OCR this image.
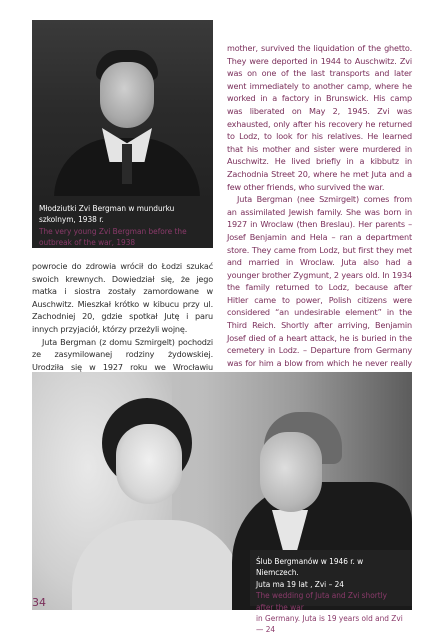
Młodziutki Zvi Bergman w mundurku
szkolnym, 1938 r.
The very young Zvi Bergman before the
outbreak of the war, 1938

powrocie do zdrowia wrócił do Łodzi szukać swoich krewnych. Dowiedział się, że jego matka i siostra zostały zamordowane w Auschwitz. Mieszkał krótko w kibucu przy ul. Zachodniej 20, gdzie spotkał Jutę i paru innych przyjaciół, którzy przeżyli wojnę.

Juta Bergman (z domu Szmirgelt) pochodzi ze zasymilowanej rodziny żydowskiej. Urodziła się w 1927 roku we Wrocławiu

mother, survived the liquidation of the ghetto. They were deported in 1944 to Auschwitz. Zvi was on one of the last transports and later went immediately to another camp, where he worked in a factory in Brunswick. His camp was liberated on May 2, 1945. Zvi was exhausted, only after his recovery he returned to Lodz, to look for his relatives. He learned that his mother and sister were murdered in Auschwitz. He lived briefly in a kibbutz in Zachodnia Street 20, where he met Juta and a few other friends, who survived the war.

Juta Bergman (nee Szmirgelt) comes from an assimilated Jewish family. She was born in 1927 in Wroclaw (then Breslau). Her parents – Josef Benjamin and Hela – ran a department store. They came from Lodz, but first they met and married in Wroclaw. Juta also had a younger brother Zygmunt, 2 years old. In 1934 the family returned to Lodz, because after Hitler came to power, Polish citizens were considered “an undesirable element” in the Third Reich. Shortly after arriving, Benjamin Josef died of a heart attack, he is buried in the cemetery in Lodz. – Departure from Germany was for him a blow from which he never really

Ślub Bergmanów w 1946 r. w Niemczech.
Juta ma 19 lat , Zvi – 24
The wedding of Juta and Zvi shortly after the war
in Germany. Juta is 19 years old and Zvi — 24
34
